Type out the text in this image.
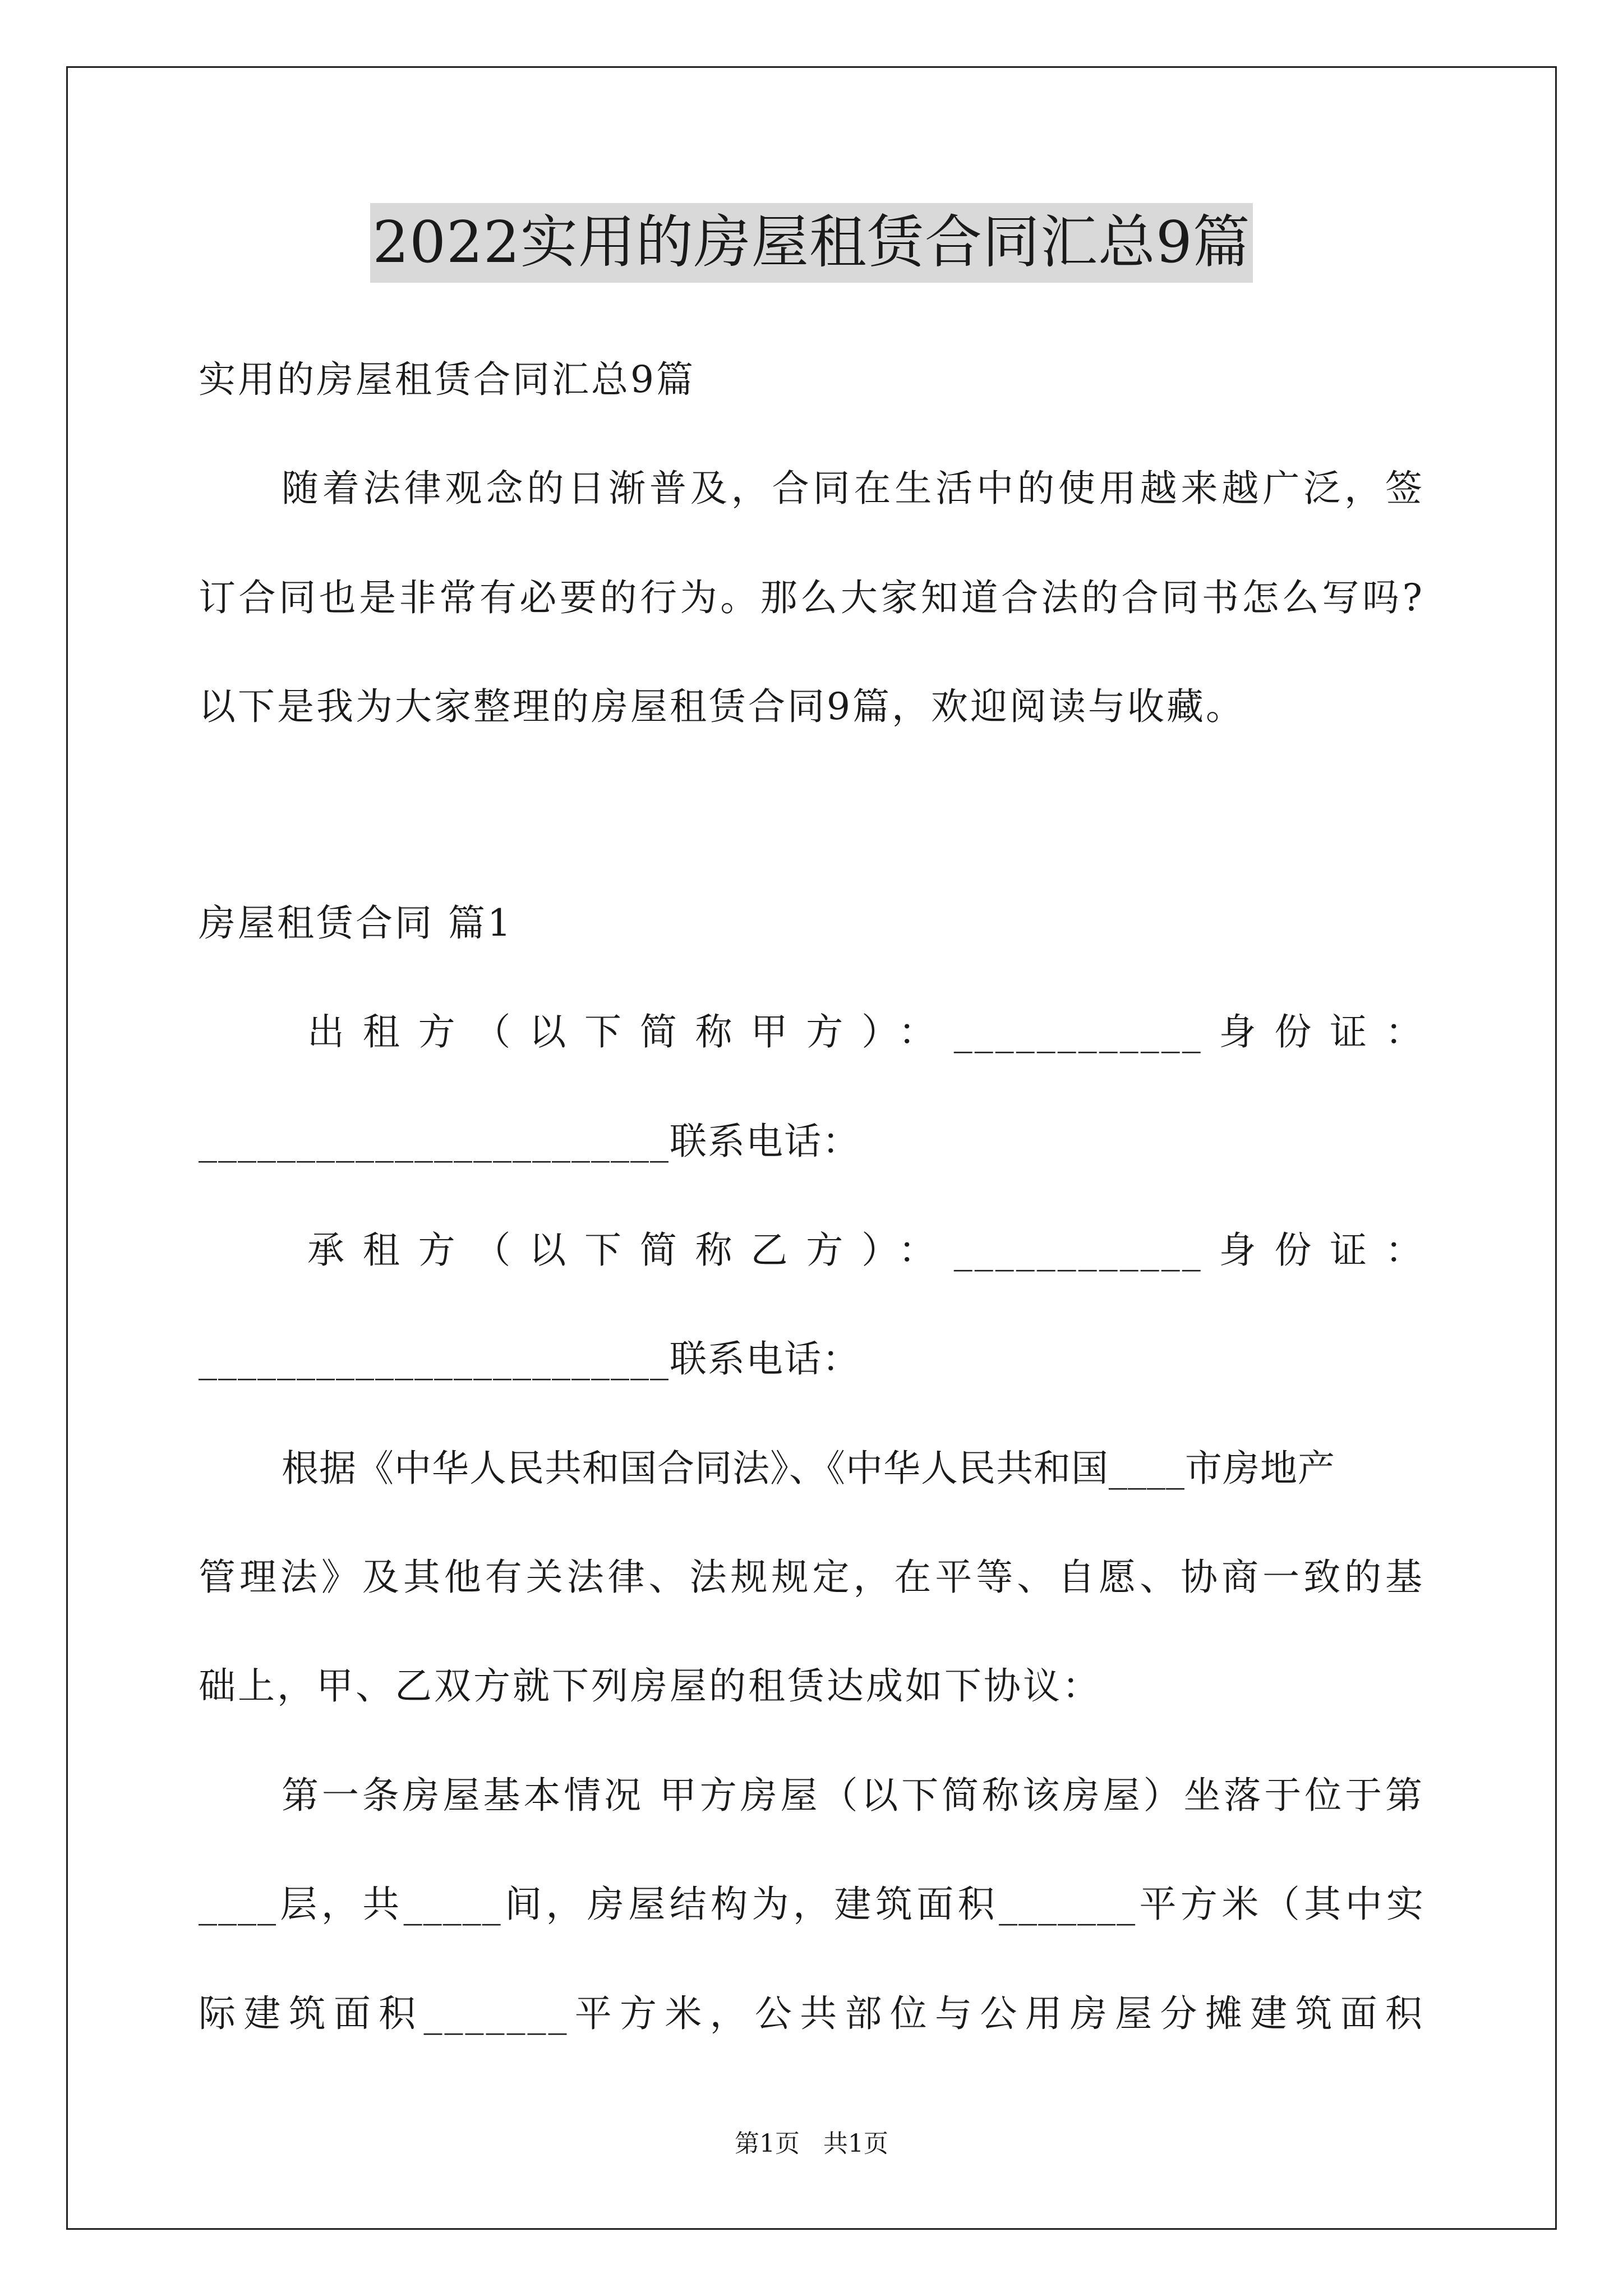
2022实用的房屋租赁合同汇总9篇
实用的房屋租赁合同汇总9篇
随着法律观念的日渐普及，合同在生活中的使用越来越广泛，签
订合同也是非常有必要的行为。那么大家知道合法的合同书怎么写吗?
以下是我为大家整理的房屋租赁合同9篇，欢迎阅读与收藏。
房屋租赁合同 篇1
出租方（以下简称甲方）：____________身份证：
________________________联系电话：
承租方（以下简称乙方）：____________身份证：
________________________联系电话：
根据《中华人民共和国合同法》、《中华人民共和国____市房地产
管理法》及其他有关法律、法规规定，在平等、自愿、协商一致的基
础上，甲、乙双方就下列房屋的租赁达成如下协议：
第一条房屋基本情况 甲方房屋（以下简称该房屋）坐落于位于第
____层，共_____间，房屋结构为，建筑面积_______平方米（其中实
际建筑面积_______平方米，公共部位与公用房屋分摊建筑面积
第1页   共1页
